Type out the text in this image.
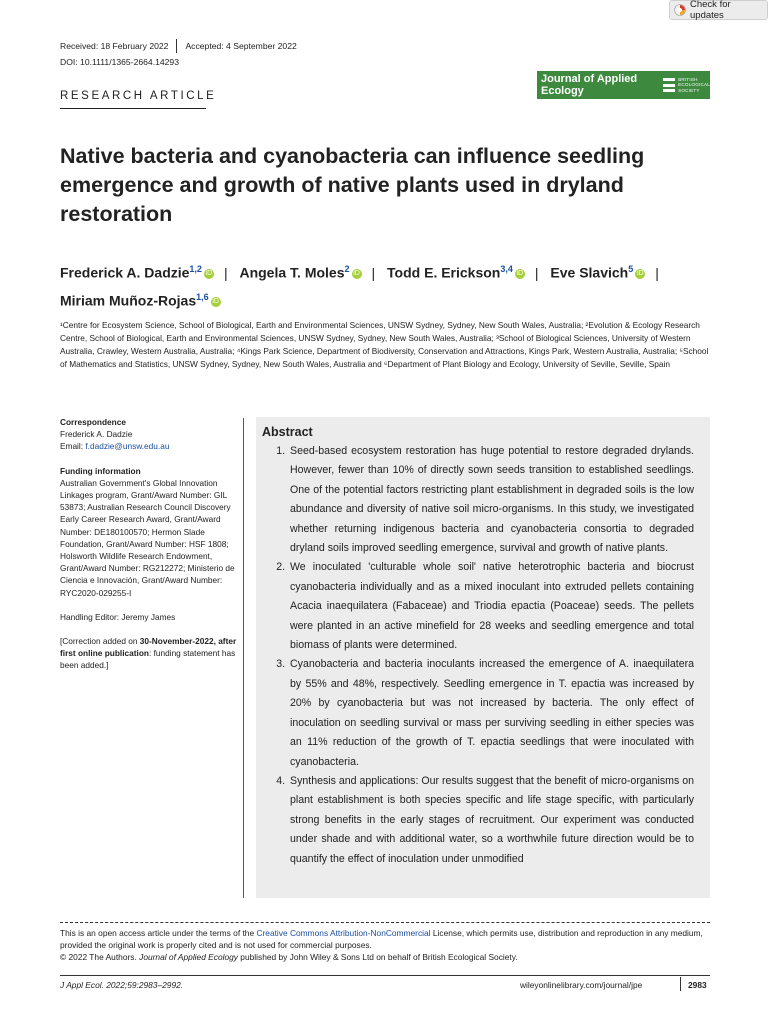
Check for updates
Received: 18 February 2022 Accepted: 4 September 2022
DOI: 10.1111/1365-2664.14293
Journal of Applied Ecology
BRITISH
ECOLOGICAL
SOCIETY
RESEARCH ARTICLE
Native bacteria and cyanobacteria can influence seedling emergence and growth of native plants used in dryland restoration
Frederick A. Dadzie$^{1,2}$ iD | Angela T. Moles$^2$ iD | Todd E. Erickson$^{3,4}$ iD | Eve Slavich$^5$ iD |
Miriam Muñoz-Rojas$^{1,6}$ iD
¹Centre for Ecosystem Science, School of Biological, Earth and Environmental Sciences, UNSW Sydney, Sydney, New South Wales, Australia; ²Evolution & Ecology Research Centre, School of Biological, Earth and Environmental Sciences, UNSW Sydney, Sydney, New South Wales, Australia; ³School of Biological Sciences, University of Western Australia, Crawley, Western Australia, Australia; ⁴Kings Park Science, Department of Biodiversity, Conservation and Attractions, Kings Park, Western Australia, Australia; ⁵School of Mathematics and Statistics, UNSW Sydney, Sydney, New South Wales, Australia and ⁶Department of Plant Biology and Ecology, University of Seville, Seville, Spain
Correspondence
Frederick A. Dadzie
Email: f.dadzie@unsw.edu.au
Funding information
Australian Government's Global Innovation Linkages program, Grant/Award Number: GIL 53873; Australian Research Council Discovery Early Career Research Award, Grant/Award Number: DE180100570; Hermon Slade Foundation, Grant/Award Number: HSF 1808; Holsworth Wildlife Research Endowment, Grant/Award Number: RG212272; Ministerio de Ciencia e Innovación, Grant/Award Number: RYC2020-029255-I
Handling Editor: Jeremy James
[Correction added on 30-November-2022, after first online publication: funding statement has been added.]
Abstract
1. Seed-based ecosystem restoration has huge potential to restore degraded drylands. However, fewer than 10% of directly sown seeds transition to established seedlings. One of the potential factors restricting plant establishment in degraded soils is the low abundance and diversity of native soil micro-organisms. In this study, we investigated whether returning indigenous bacteria and cyanobacteria consortia to degraded dryland soils improved seedling emergence, survival and growth of native plants.
2. We inoculated 'culturable whole soil' native heterotrophic bacteria and biocrust cyanobacteria individually and as a mixed inoculant into extruded pellets containing Acacia inaequilatera (Fabaceae) and Triodia epactia (Poaceae) seeds. The pellets were planted in an active minefield for 28 weeks and seedling emergence and total biomass of plants were determined.
3. Cyanobacteria and bacteria inoculants increased the emergence of A. inaequilatera by 55% and 48%, respectively. Seedling emergence in T. epactia was increased by 20% by cyanobacteria but was not increased by bacteria. The only effect of inoculation on seedling survival or mass per surviving seedling in either species was an 11% reduction of the growth of T. epactia seedlings that were inoculated with cyanobacteria.
4. Synthesis and applications: Our results suggest that the benefit of micro-organisms on plant establishment is both species specific and life stage specific, with particularly strong benefits in the early stages of recruitment. Our experiment was conducted under shade and with additional water, so a worthwhile future direction would be to quantify the effect of inoculation under unmodified
This is an open access article under the terms of the Creative Commons Attribution-NonCommercial License, which permits use, distribution and reproduction in any medium, provided the original work is properly cited and is not used for commercial purposes.
© 2022 The Authors. Journal of Applied Ecology published by John Wiley & Sons Ltd on behalf of British Ecological Society.
J Appl Ecol. 2022;59:2983–2992.	wileyonlinelibrary.com/journal/jpe	2983
